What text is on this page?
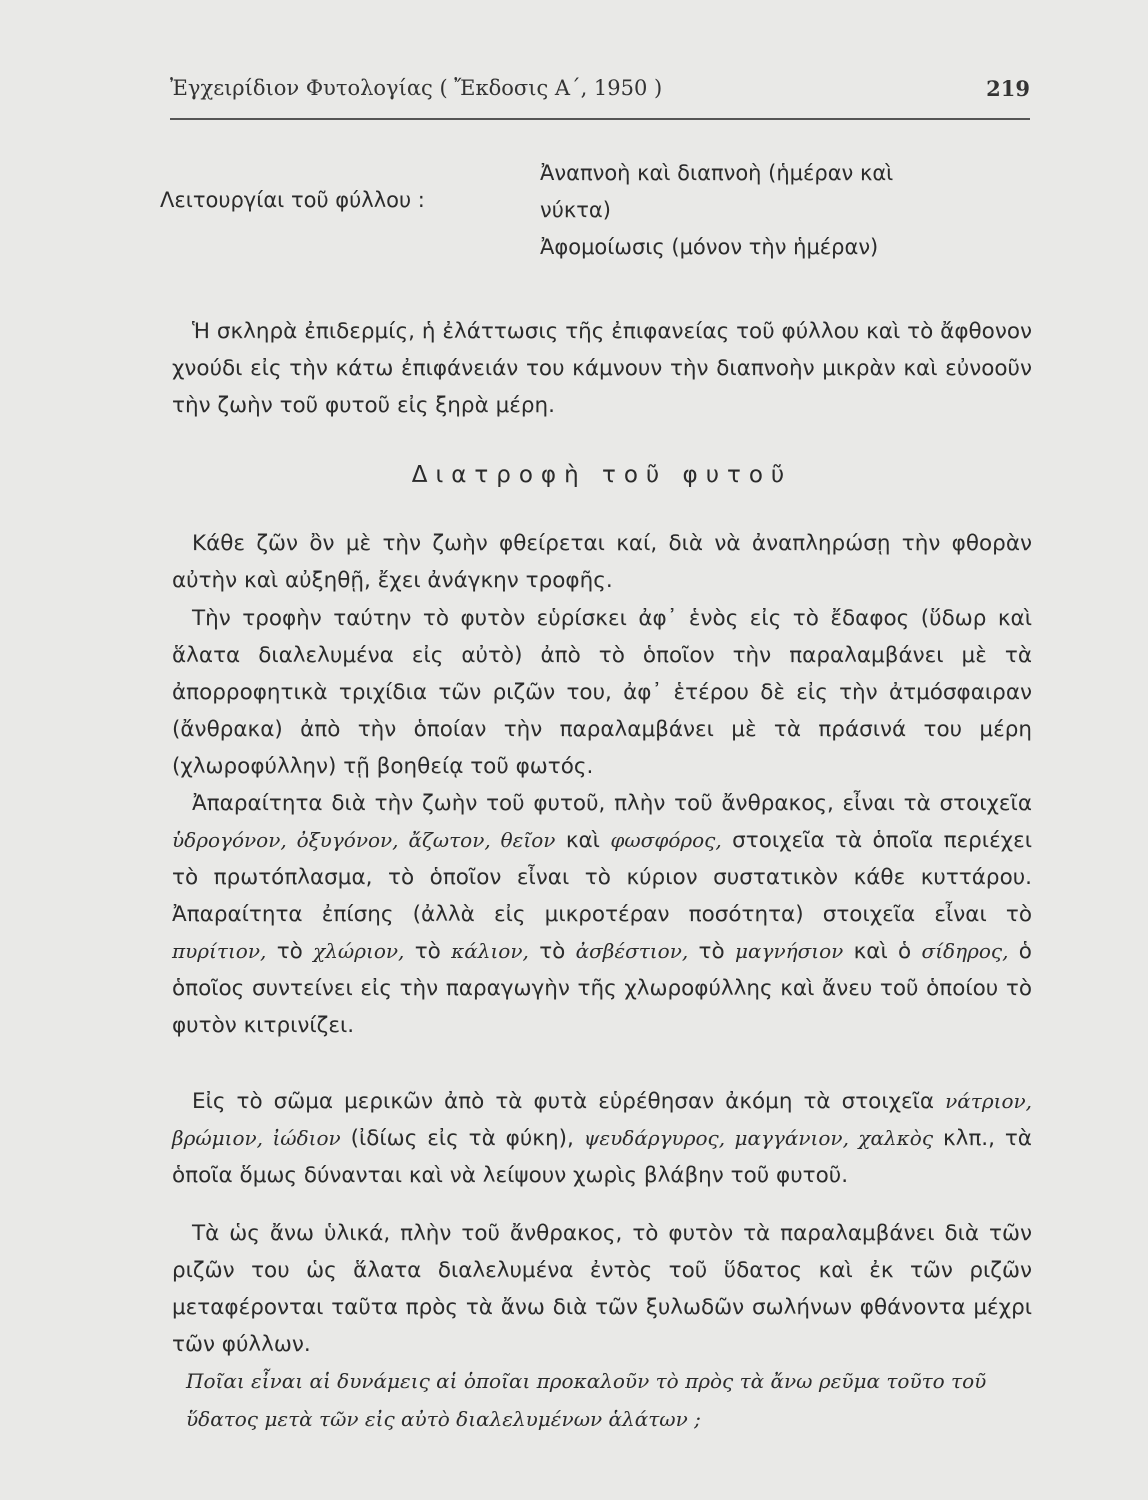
Ἐγχειρίδιον Φυτολογίας ( Ἔκδοσις Α΄, 1950 )	219
Λειτουργίαι τοῦ φύλλου :
Ἀναπνοὴ καὶ διαπνοὴ (ἡμέραν καὶ νύκτα)
Ἀφομοίωσις (μόνον τὴν ἡμέραν)
Ἡ σκληρὰ ἐπιδερμίς, ἡ ἐλάττωσις τῆς ἐπιφανείας τοῦ φύλλου καὶ τὸ ἄφθονον χνούδι εἰς τὴν κάτω ἐπιφάνειάν του κάμνουν τὴν διαπνοὴν μικρὰν καὶ εὐνοοῦν τὴν ζωὴν τοῦ φυτοῦ εἰς ξηρὰ μέρη.
Διατροφὴ τοῦ φυτοῦ
Κάθε ζῶν ὂν μὲ τὴν ζωὴν φθείρεται καί, διὰ νὰ ἀναπληρώσῃ τὴν φθορὰν αὐτὴν καὶ αὐξηθῇ, ἔχει ἀνάγκην τροφῆς.
Τὴν τροφὴν ταύτην τὸ φυτὸν εὑρίσκει ἀφ᾽ ἑνὸς εἰς τὸ ἔδαφος (ὕδωρ καὶ ἅλατα διαλελυμένα εἰς αὐτὸ) ἀπὸ τὸ ὁποῖον τὴν παραλαμβάνει μὲ τὰ ἀπορροφητικὰ τριχίδια τῶν ριζῶν του, ἀφ᾽ ἑτέρου δὲ εἰς τὴν ἀτμόσφαιραν (ἄνθρακα) ἀπὸ τὴν ὁποίαν τὴν παραλαμβάνει μὲ τὰ πράσινά του μέρη (χλωροφύλλην) τῇ βοηθείᾳ τοῦ φωτός.
Ἀπαραίτητα διὰ τὴν ζωὴν τοῦ φυτοῦ, πλὴν τοῦ ἄνθρακος, εἶναι τὰ στοιχεῖα ὑδρογόνον, ὀξυγόνον, ἄζωτον, θεῖον καὶ φωσφόρος, στοιχεῖα τὰ ὁποῖα περιέχει τὸ πρωτόπλασμα, τὸ ὁποῖον εἶναι τὸ κύριον συστατικὸν κάθε κυττάρου. Ἀπαραίτητα ἐπίσης (ἀλλὰ εἰς μικροτέραν ποσότητα) στοιχεῖα εἶναι τὸ πυρίτιον, τὸ χλώριον, τὸ κάλιον, τὸ ἀσβέστιον, τὸ μαγνήσιον καὶ ὁ σίδηρος, ὁ ὁποῖος συντείνει εἰς τὴν παραγωγὴν τῆς χλωροφύλλης καὶ ἄνευ τοῦ ὁποίου τὸ φυτὸν κιτρινίζει.
Εἰς τὸ σῶμα μερικῶν ἀπὸ τὰ φυτὰ εὑρέθησαν ἀκόμη τὰ στοιχεῖα νάτριον, βρώμιον, ἰώδιον (ἰδίως εἰς τὰ φύκη), ψευδάργυρος, μαγγάνιον, χαλκὸς κλπ., τὰ ὁποῖα ὅμως δύνανται καὶ νὰ λείψουν χωρὶς βλάβην τοῦ φυτοῦ.
Τὰ ὡς ἄνω ὑλικά, πλὴν τοῦ ἄνθρακος, τὸ φυτὸν τὰ παραλαμβάνει διὰ τῶν ριζῶν του ὡς ἅλατα διαλελυμένα ἐντὸς τοῦ ὕδατος καὶ ἐκ τῶν ριζῶν μεταφέρονται ταῦτα πρὸς τὰ ἄνω διὰ τῶν ξυλωδῶν σωλήνων φθάνοντα μέχρι τῶν φύλλων.
Ποῖαι εἶναι αἱ δυνάμεις αἱ ὁποῖαι προκαλοῦν τὸ πρὸς τὰ ἄνω ρεῦμα τοῦτο τοῦ ὕδατος μετὰ τῶν εἰς αὐτὸ διαλελυμένων ἁλάτων ;
